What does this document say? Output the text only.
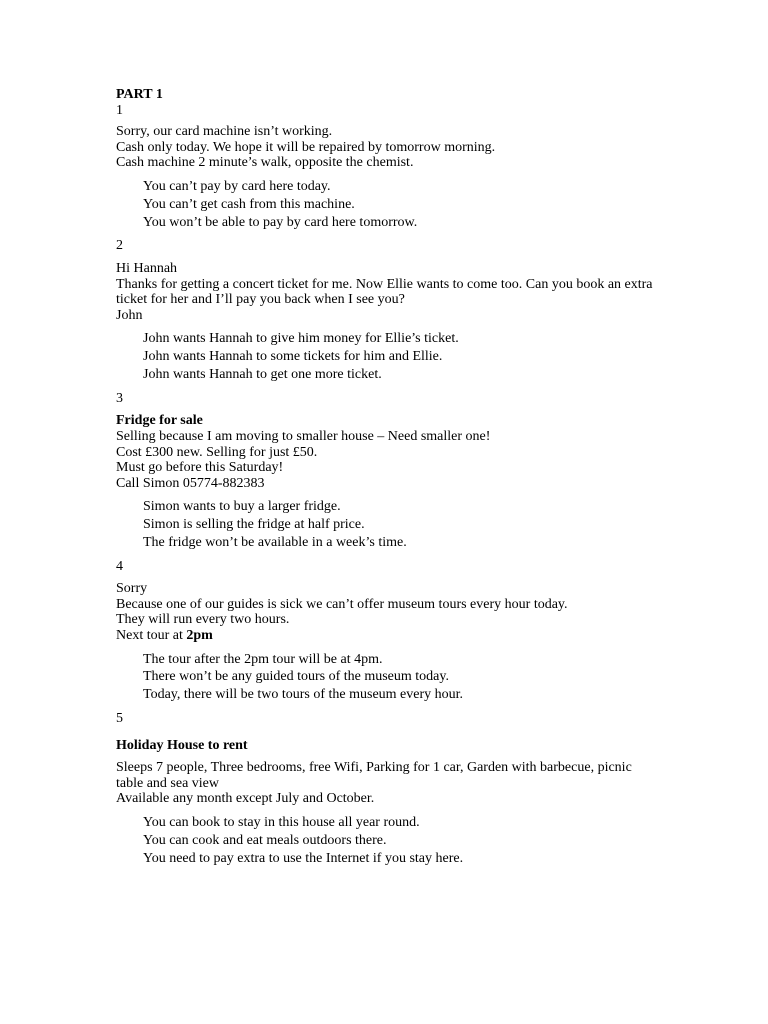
PART 1
1
Sorry, our card machine isn’t working.
Cash only today. We hope it will be repaired by tomorrow morning.
Cash machine 2 minute’s walk, opposite the chemist.
You can’t pay by card here today.
You can’t get cash from this machine.
You won’t be able to pay by card here tomorrow.
2
Hi Hannah
Thanks for getting a concert ticket for me. Now Ellie wants to come too. Can you book an extra ticket for her and I’ll pay you back when I see you?
John
John wants Hannah to give him money for Ellie’s ticket.
John wants Hannah to some tickets for him and Ellie.
John wants Hannah to get one more ticket.
3
Fridge for sale
Selling because I am moving to smaller house – Need smaller one!
Cost £300 new. Selling for just £50.
Must go before this Saturday!
Call Simon 05774-882383
Simon wants to buy a larger fridge.
Simon is selling the fridge at half price.
The fridge won’t be available in a week’s time.
4
Sorry
Because one of our guides is sick we can’t offer museum tours every hour today.
They will run every two hours.
Next tour at 2pm
The tour after the 2pm tour will be at 4pm.
There won’t be any guided tours of the museum today.
Today, there will be two tours of the museum every hour.
5
Holiday House to rent
Sleeps 7 people, Three bedrooms, free Wifi, Parking for 1 car, Garden with barbecue, picnic table and sea view
Available any month except July and October.
You can book to stay in this house all year round.
You can cook and eat meals outdoors there.
You need to pay extra to use the Internet if you stay here.
